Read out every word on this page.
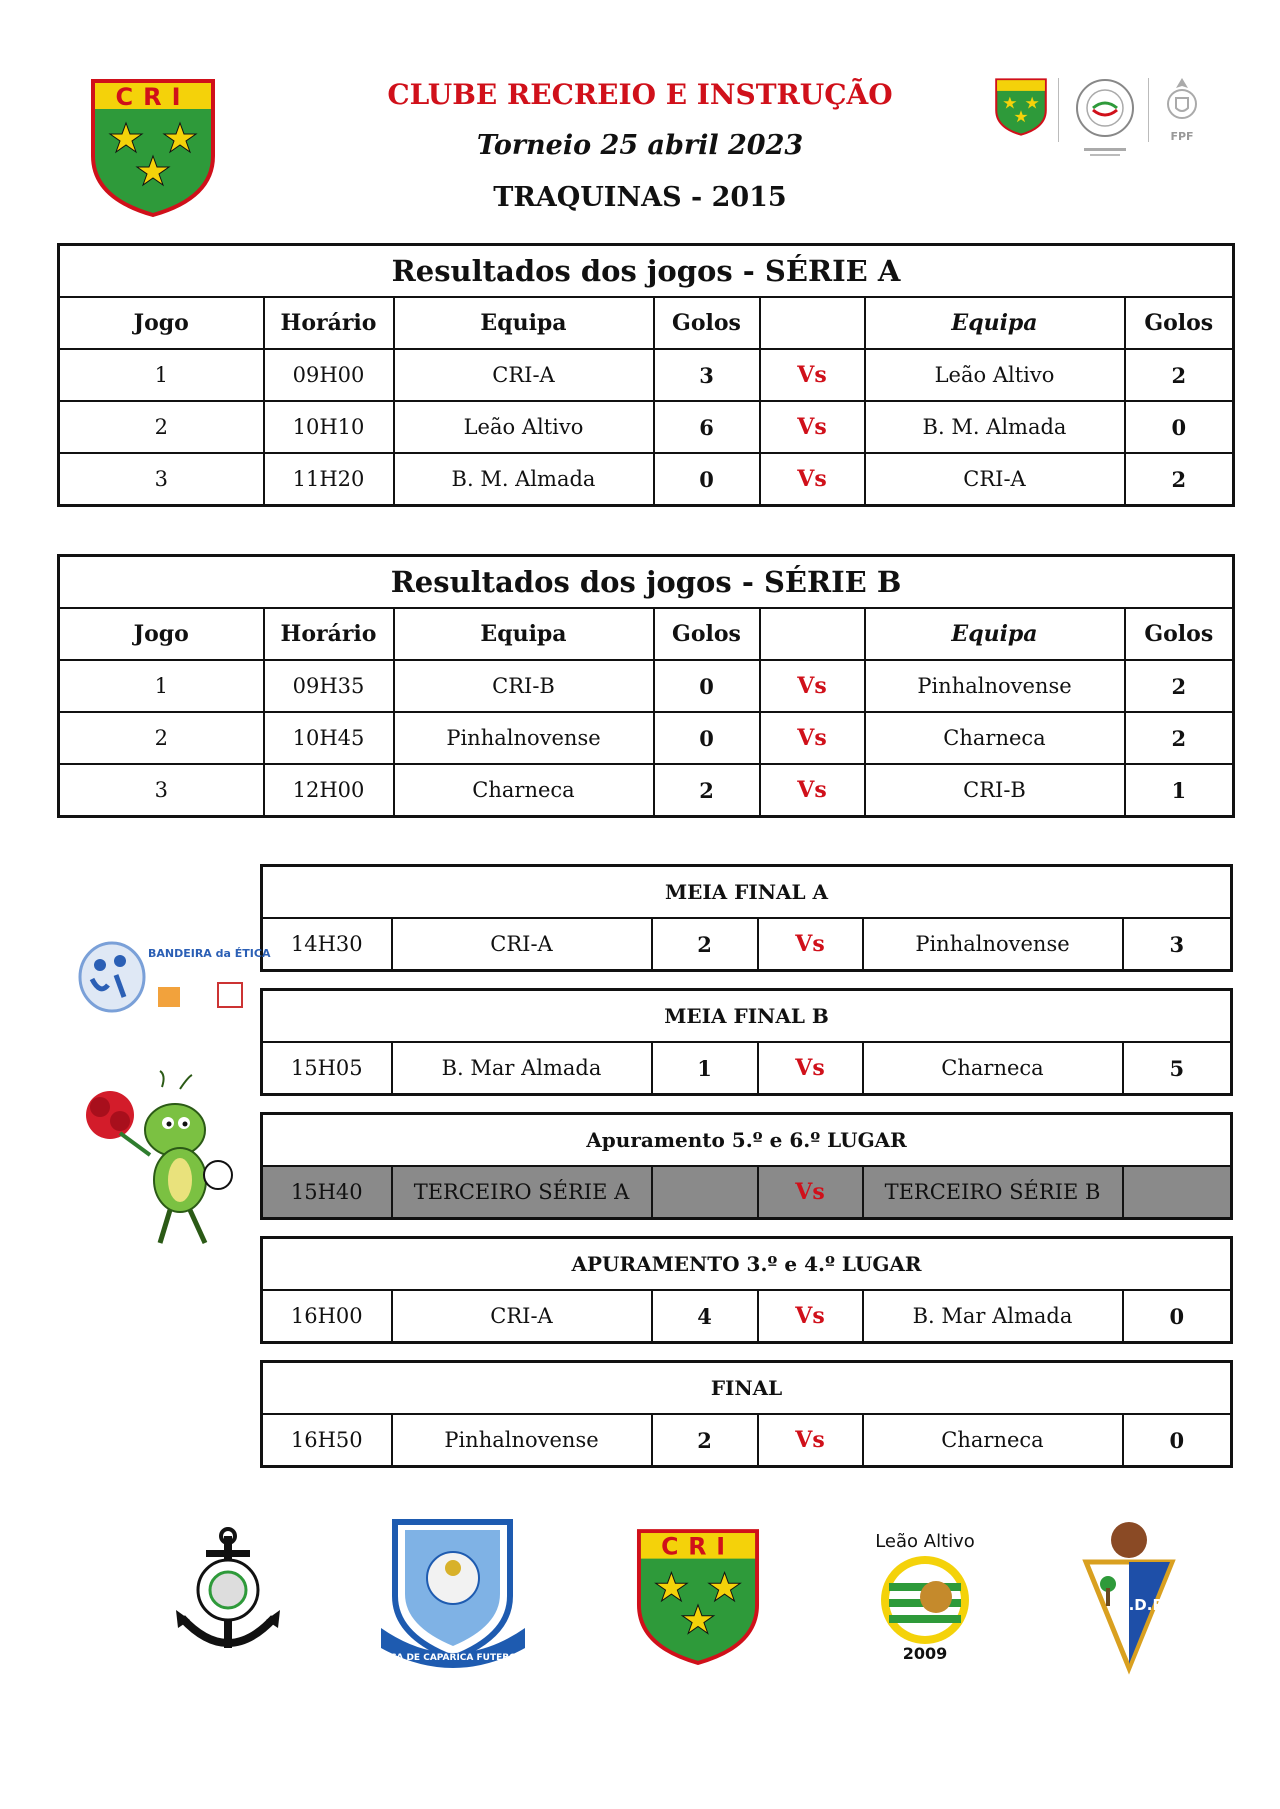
CLUBE RECREIO E INSTRUÇÃO
Torneio 25 abril 2023
TRAQUINAS - 2015
CRI
FPF
Resultados dos jogos - SÉRIE A						
Jogo	Horário	Equipa	Golos		Equipa	Golos
1	09H00	CRI-A	3	Vs	Leão Altivo	2
2	10H10	Leão Altivo	6	Vs	B. M. Almada	0
3	11H20	B. M. Almada	0	Vs	CRI-A	2
Resultados dos jogos - SÉRIE B						
Jogo	Horário	Equipa	Golos		Equipa	Golos
1	09H35	CRI-B	0	Vs	Pinhalnovense	2
2	10H45	Pinhalnovense	0	Vs	Charneca	2
3	12H00	Charneca	2	Vs	CRI-B	1
MEIA FINAL A
14H30	CRI-A	2	Vs	Pinhalnovense	3
MEIA FINAL B
15H05	B. Mar Almada	1	Vs	Charneca	5
Apuramento 5.º e 6.º LUGAR
15H40	TERCEIRO SÉRIE A		Vs	TERCEIRO SÉRIE B	
APURAMENTO 3.º e 4.º LUGAR
16H00	CRI-A	4	Vs	B. Mar Almada	0
FINAL
16H50	Pinhalnovense	2	Vs	Charneca	0
BANDEIRA da ÉTICA
CHARNECA DE CAPARICA FUTEBOL CLUBE
CRI	Leão Altivo
2009
C.D.P.
